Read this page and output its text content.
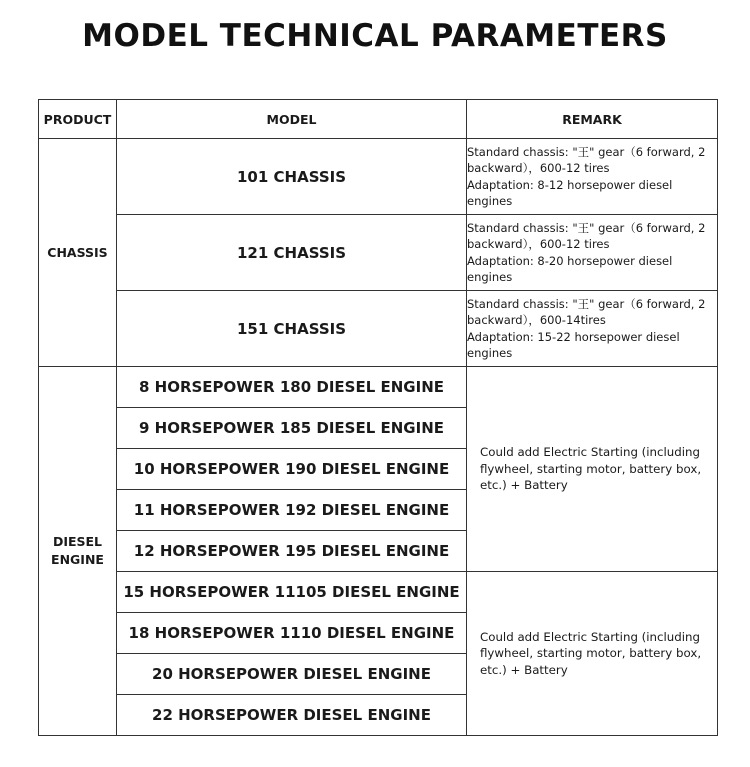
MODEL TECHNICAL PARAMETERS
PRODUCT	MODEL	REMARK
CHASSIS	101 CHASSIS	Standard chassis: "王" gear（6 forward, 2 backward），600-12 tires
Adaptation: 8-12 horsepower diesel engines

	121 CHASSIS	Standard chassis: "王" gear（6 forward, 2 backward），600-12 tires
Adaptation: 8-20 horsepower diesel engines

	151 CHASSIS	Standard chassis: "王" gear（6 forward, 2 backward），600-14tires
Adaptation: 15-22 horsepower diesel engines

DIESEL
ENGINE	8 HORSEPOWER 180 DIESEL ENGINE	Could add Electric Starting (including flywheel, starting motor, battery box, etc.) + Battery
	9 HORSEPOWER 185 DIESEL ENGINE	
	10 HORSEPOWER 190 DIESEL ENGINE	
	11 HORSEPOWER 192 DIESEL ENGINE	
	12 HORSEPOWER 195 DIESEL ENGINE	
	15 HORSEPOWER 11105 DIESEL ENGINE	Could add Electric Starting (including flywheel, starting motor, battery box, etc.) + Battery
	18 HORSEPOWER 1110 DIESEL ENGINE	
	20 HORSEPOWER DIESEL ENGINE	
	22 HORSEPOWER DIESEL ENGINE	
